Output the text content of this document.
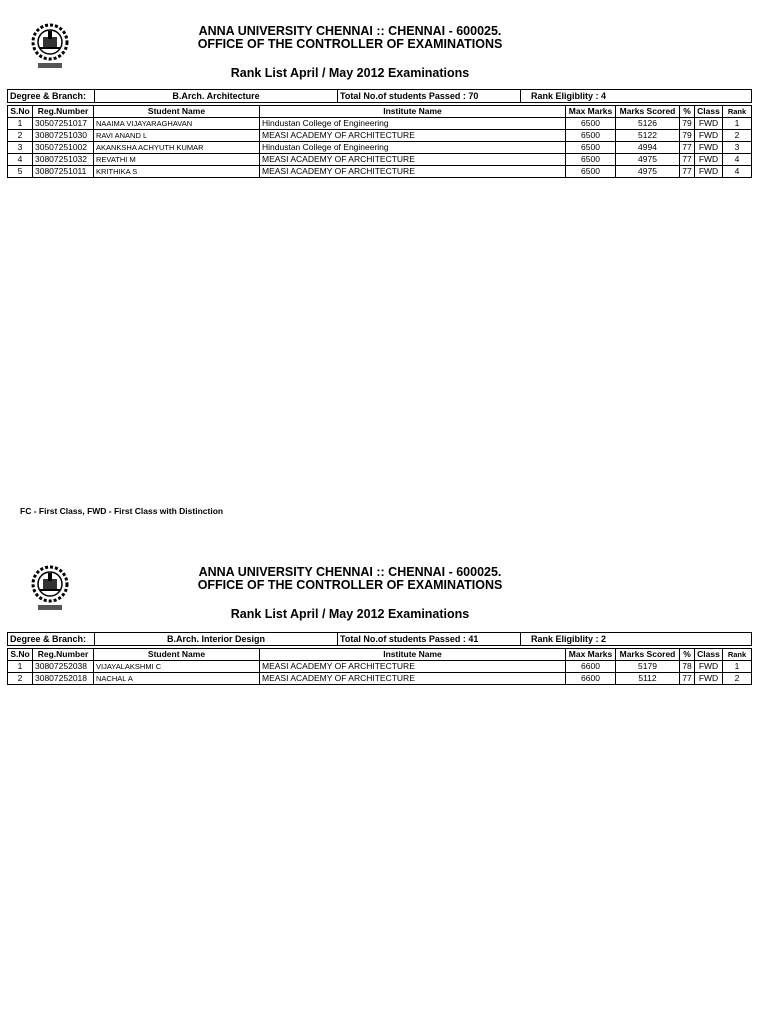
ANNA UNIVERSITY CHENNAI :: CHENNAI - 600025.
OFFICE OF THE CONTROLLER OF EXAMINATIONS
Rank List April / May 2012 Examinations
Degree & Branch:	B.Arch. Architecture	Total No.of students Passed : 70	Rank Eligiblity : 4
S.No	Reg.Number	Student Name	Institute Name	Max Marks	Marks Scored	%	Class	Rank
1	30507251017	NAAIMA VIJAYARAGHAVAN	Hindustan College of Engineering	6500	5126	79	FWD	1
2	30807251030	RAVI ANAND L	MEASI ACADEMY OF ARCHITECTURE	6500	5122	79	FWD	2
3	30507251002	AKANKSHA ACHYUTH KUMAR	Hindustan College of Engineering	6500	4994	77	FWD	3
4	30807251032	REVATHI M	MEASI ACADEMY OF ARCHITECTURE	6500	4975	77	FWD	4
5	30807251011	KRITHIKA S	MEASI ACADEMY OF ARCHITECTURE	6500	4975	77	FWD	4
FC - First Class, FWD - First Class with Distinction
ANNA UNIVERSITY CHENNAI :: CHENNAI - 600025.
OFFICE OF THE CONTROLLER OF EXAMINATIONS
Rank List April / May 2012 Examinations
Degree & Branch:	B.Arch. Interior Design	Total No.of students Passed : 41	Rank Eligiblity : 2
S.No	Reg.Number	Student Name	Institute Name	Max Marks	Marks Scored	%	Class	Rank
1	30807252038	VIJAYALAKSHMI C	MEASI ACADEMY OF ARCHITECTURE	6600	5179	78	FWD	1
2	30807252018	NACHAL A	MEASI ACADEMY OF ARCHITECTURE	6600	5112	77	FWD	2
